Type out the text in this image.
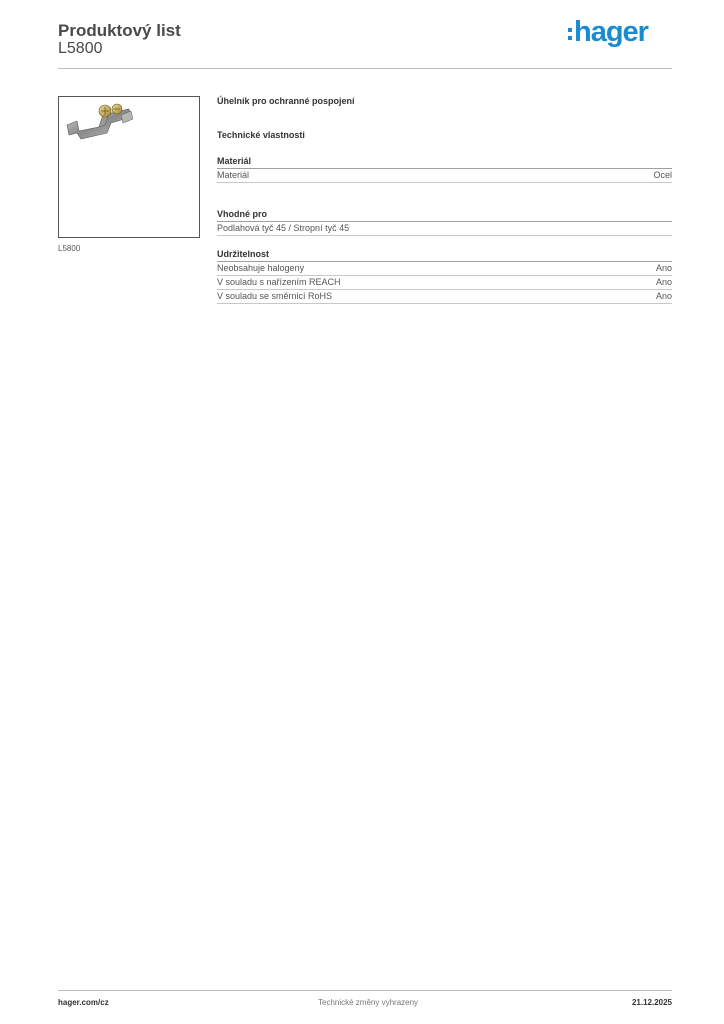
Produktový list
L5800
hager
L5800
Úhelník pro ochranné pospojení
Technické vlastnosti
Materiál
Materiál	Ocel
Vhodné pro
Podlahová tyč 45 / Stropní tyč 45
Udržitelnost
Neobsahuje halogeny	Ano
V souladu s nařízením REACH	Ano
V souladu se směrnicí RoHS	Ano
hager.com/cz	Technické změny vyhrazeny	21.12.2025
